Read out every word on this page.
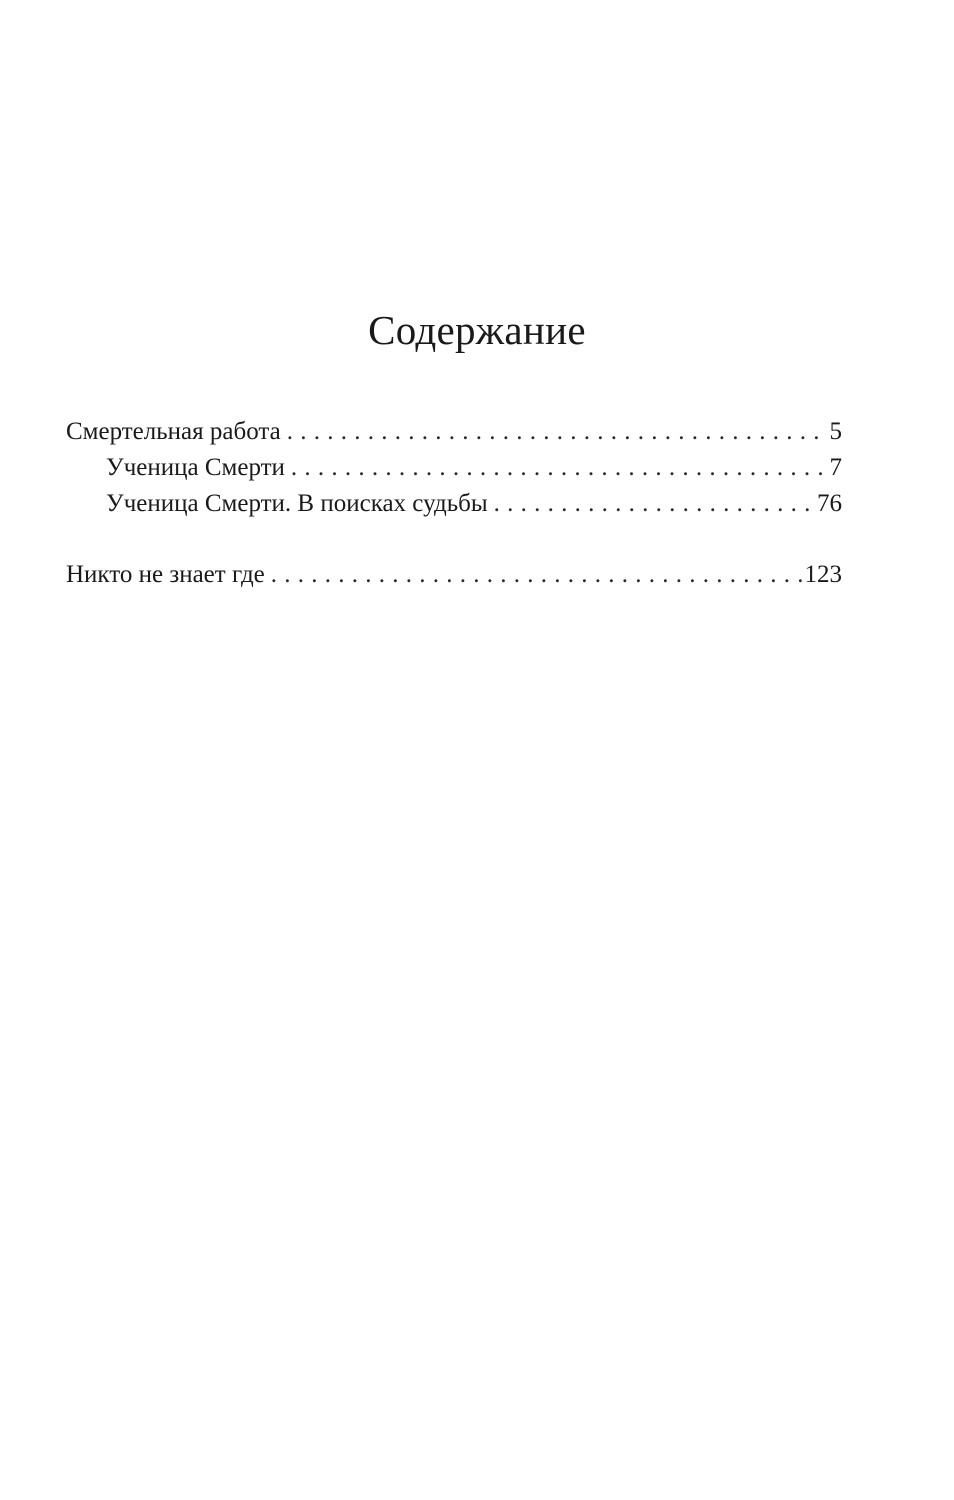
Содержание
Смертельная работа . . .	5
Ученица Смерти . . .	7
Ученица Смерти. В поисках судьбы . . .	76
Никто не знает где . . .	123
